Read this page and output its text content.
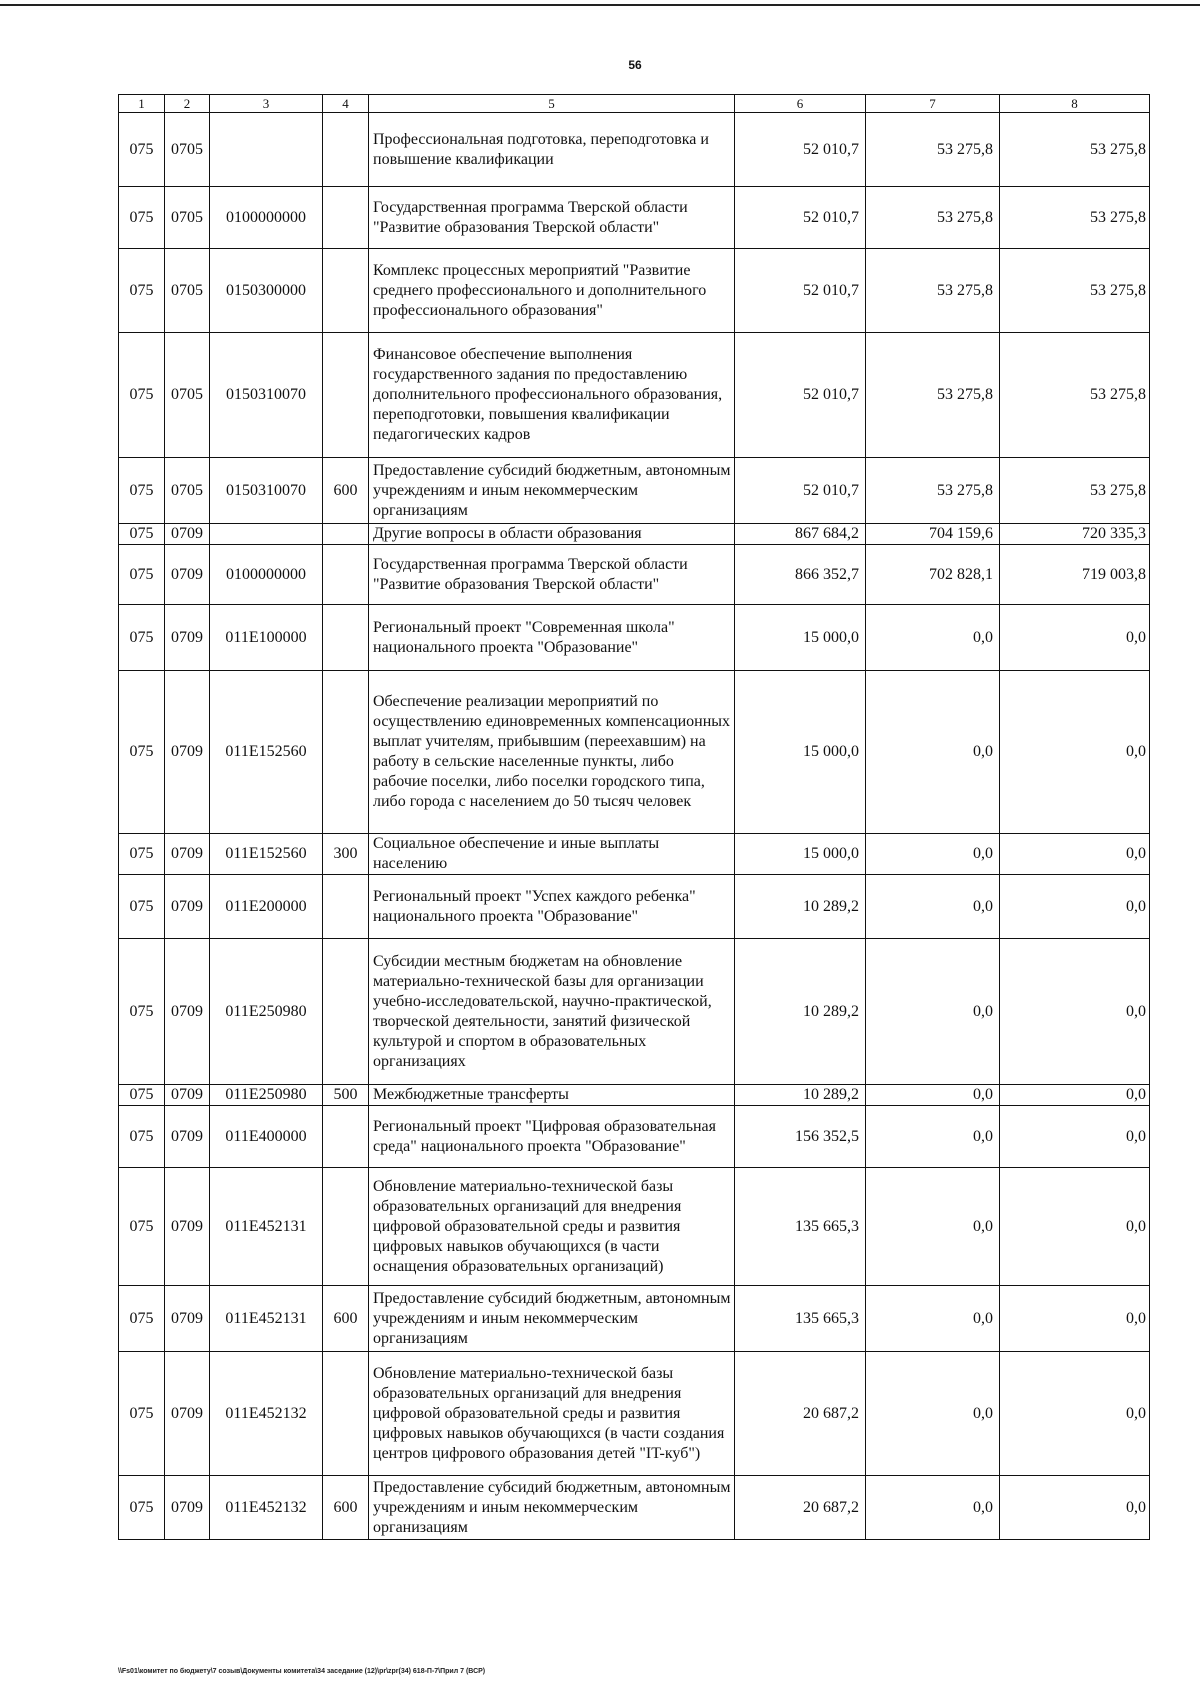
56
1	2	3	4	5	6	7	8
075	0705			Профессиональная подготовка, переподготовка и повышение квалификации	52 010,7	53 275,8	53 275,8
075	0705	0100000000		Государственная программа Тверской области "Развитие образования Тверской области"	52 010,7	53 275,8	53 275,8
075	0705	0150300000		Комплекс процессных мероприятий "Развитие среднего профессионального и дополнительного профессионального образования"	52 010,7	53 275,8	53 275,8
075	0705	0150310070		Финансовое обеспечение выполнения государственного задания по предоставлению дополнительного профессионального образования, переподготовки, повышения квалификации педагогических кадров	52 010,7	53 275,8	53 275,8
075	0705	0150310070	600	Предоставление субсидий бюджетным, автономным учреждениям и иным некоммерческим организациям	52 010,7	53 275,8	53 275,8
075	0709			Другие вопросы в области образования	867 684,2	704 159,6	720 335,3
075	0709	0100000000		Государственная программа Тверской области "Развитие образования Тверской области"	866 352,7	702 828,1	719 003,8
075	0709	011E100000		Региональный проект "Современная школа" национального проекта "Образование"	15 000,0	0,0	0,0
075	0709	011E152560		Обеспечение реализации мероприятий по осуществлению единовременных компенсационных выплат учителям, прибывшим (переехавшим) на работу в сельские населенные пункты, либо рабочие поселки, либо поселки городского типа, либо города с населением до 50 тысяч человек	15 000,0	0,0	0,0
075	0709	011E152560	300	Социальное обеспечение и иные выплаты населению	15 000,0	0,0	0,0
075	0709	011E200000		Региональный проект "Успех каждого ребенка" национального проекта "Образование"	10 289,2	0,0	0,0
075	0709	011E250980		Субсидии местным бюджетам на обновление материально-технической базы для организации учебно-исследовательской, научно-практической, творческой деятельности, занятий физической культурой и спортом в образовательных организациях	10 289,2	0,0	0,0
075	0709	011E250980	500	Межбюджетные трансферты	10 289,2	0,0	0,0
075	0709	011E400000		Региональный проект "Цифровая образовательная среда" национального проекта "Образование"	156 352,5	0,0	0,0
075	0709	011E452131		Обновление материально-технической базы образовательных организаций для внедрения цифровой образовательной среды и развития цифровых навыков обучающихся (в части оснащения образовательных организаций)	135 665,3	0,0	0,0
075	0709	011E452131	600	Предоставление субсидий бюджетным, автономным учреждениям и иным некоммерческим организациям	135 665,3	0,0	0,0
075	0709	011E452132		Обновление материально-технической базы образовательных организаций для внедрения цифровой образовательной среды и развития цифровых навыков обучающихся (в части создания центров цифрового образования детей "IT-куб")	20 687,2	0,0	0,0
075	0709	011E452132	600	Предоставление субсидий бюджетным, автономным учреждениям и иным некоммерческим организациям	20 687,2	0,0	0,0
\\Fs01\комитет по бюджету\7 созыв\Документы комитета\34 заседание (12)\pr\zpr(34) 618-П-7\Прил 7 (ВСР)
